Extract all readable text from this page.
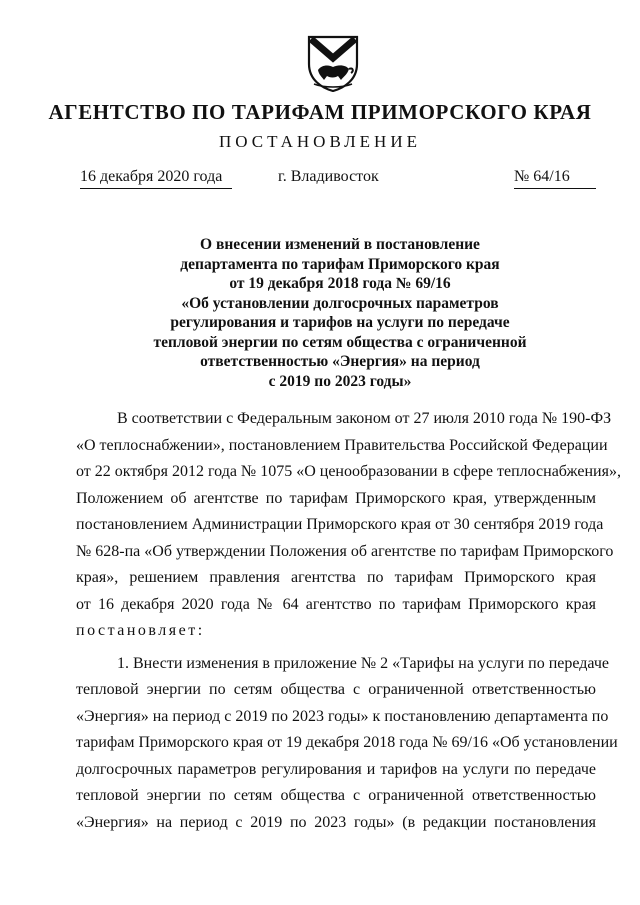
АГЕНТСТВО ПО ТАРИФАМ ПРИМОРСКОГО КРАЯ
ПОСТАНОВЛЕНИЕ
16 декабря 2020 года	г. Владивосток	№ 64/16
О внесении изменений в постановление
департамента по тарифам Приморского края
от 19 декабря 2018 года № 69/16
«Об установлении долгосрочных параметров
регулирования и тарифов на услуги по передаче
тепловой энергии по сетям общества с ограниченной
ответственностью «Энергия» на период
с 2019 по 2023 годы»
В соответствии с Федеральным законом от 27 июля 2010 года № 190-ФЗ
«О теплоснабжении», постановлением Правительства Российской Федерации
от 22 октября 2012 года № 1075 «О ценообразовании в сфере теплоснабжения»,
Положением об агентстве по тарифам Приморского края, утвержденным
постановлением Администрации Приморского края от 30 сентября 2019 года
№ 628-па «Об утверждении Положения об агентстве по тарифам Приморского
края», решением правления агентства по тарифам Приморского края
от 16 декабря 2020 года № 64 агентство по тарифам Приморского края
постановляет:
1. Внести изменения в приложение № 2 «Тарифы на услуги по передаче
тепловой энергии по сетям общества с ограниченной ответственностью
«Энергия» на период с 2019 по 2023 годы» к постановлению департамента по
тарифам Приморского края от 19 декабря 2018 года № 69/16 «Об установлении
долгосрочных параметров регулирования и тарифов на услуги по передаче
тепловой энергии по сетям общества с ограниченной ответственностью
«Энергия» на период с 2019 по 2023 годы» (в редакции постановления
